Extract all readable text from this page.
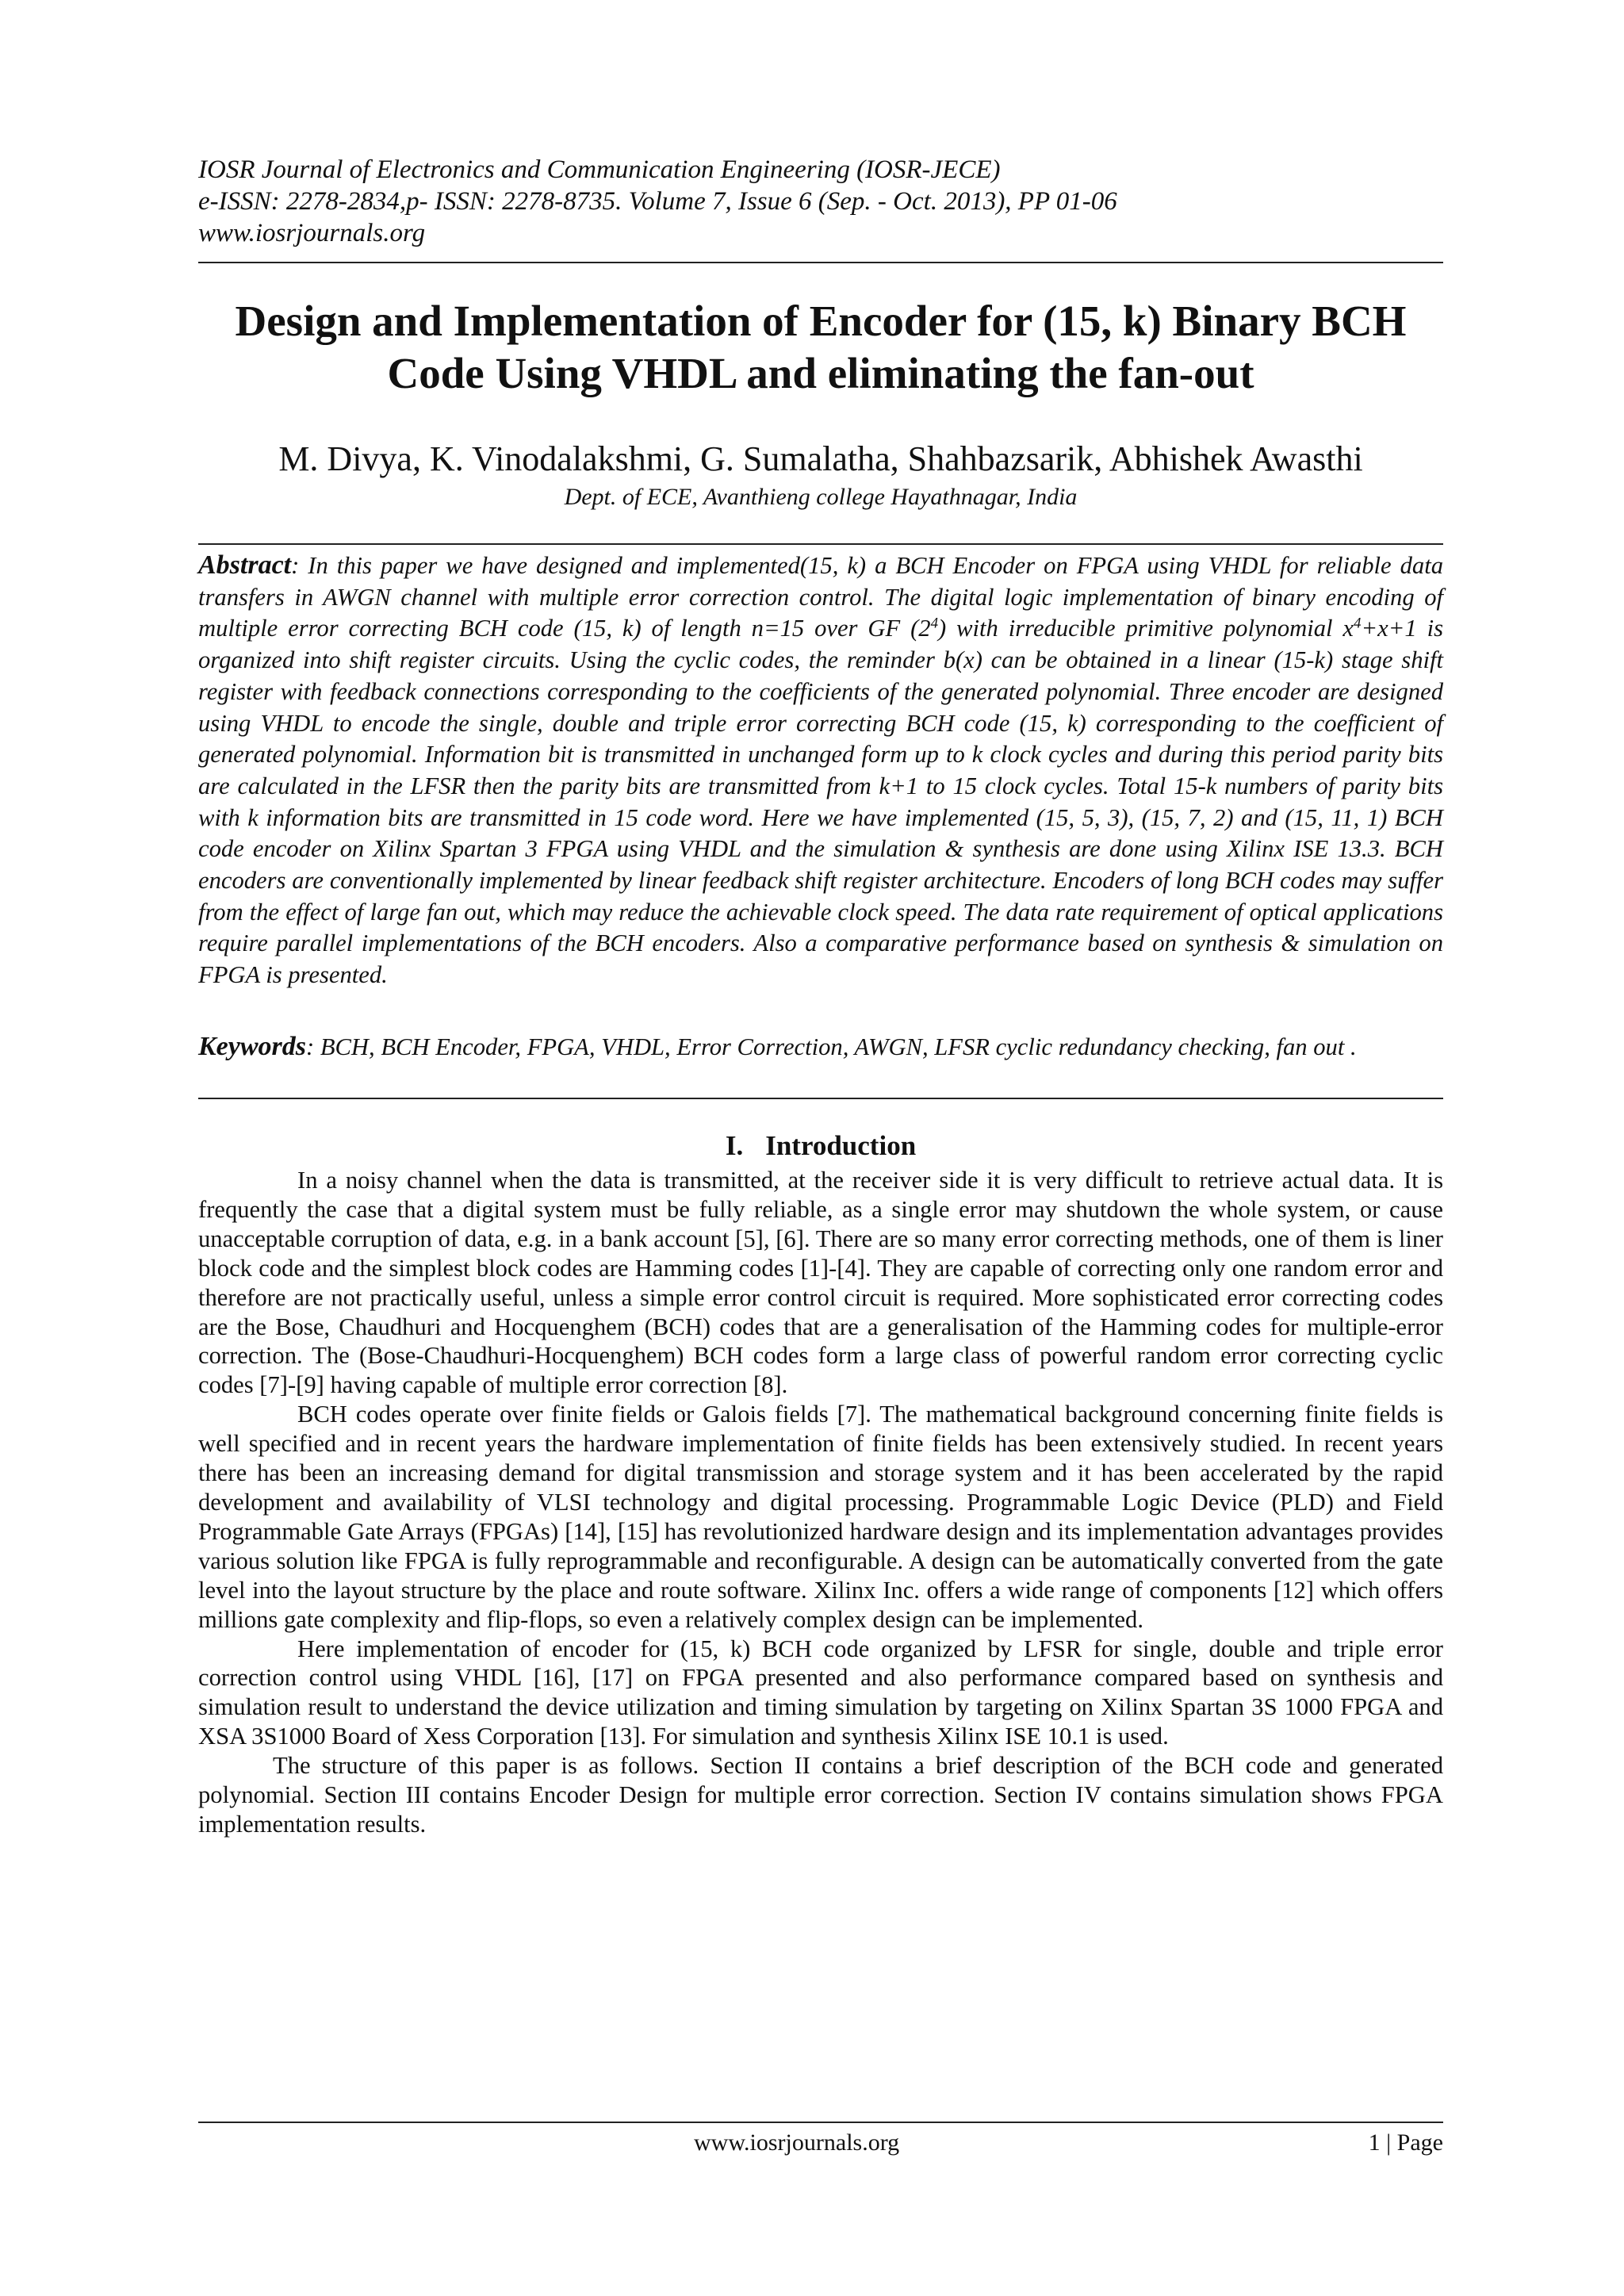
IOSR Journal of Electronics and Communication Engineering (IOSR-JECE)
e-ISSN: 2278-2834,p- ISSN: 2278-8735. Volume 7, Issue 6 (Sep. - Oct. 2013), PP 01-06
www.iosrjournals.org
Design and Implementation of Encoder for (15, k) Binary BCH
Code Using VHDL and eliminating the fan-out
M. Divya, K. Vinodalakshmi, G. Sumalatha, Shahbazsarik, Abhishek Awasthi
Dept. of ECE, Avanthieng college Hayathnagar, India

Abstract: In this paper we have designed and implemented(15, k) a BCH Encoder on FPGA using VHDL for reliable data transfers in AWGN channel with multiple error correction control. The digital logic implementation of binary encoding of multiple error correcting BCH code (15, k) of length n=15 over GF $(2^4)$ with irreducible primitive polynomial $x^4+x+1$ is organized into shift register circuits. Using the cyclic codes, the reminder b(x) can be obtained in a linear (15-k) stage shift register with feedback connections corresponding to the coefficients of the generated polynomial. Three encoder are designed using VHDL to encode the single, double and triple error correcting BCH code (15, k) corresponding to the coefficient of generated polynomial. Information bit is transmitted in unchanged form up to k clock cycles and during this period parity bits are calculated in the LFSR then the parity bits are transmitted from k+1 to 15 clock cycles. Total 15-k numbers of parity bits with k information bits are transmitted in 15 code word. Here we have implemented (15, 5, 3), (15, 7, 2) and (15, 11, 1) BCH code encoder on Xilinx Spartan 3 FPGA using VHDL and the simulation & synthesis are done using Xilinx ISE 13.3. BCH encoders are conventionally implemented by linear feedback shift register architecture. Encoders of long BCH codes may suffer from the effect of large fan out, which may reduce the achievable clock speed. The data rate requirement of optical applications require parallel implementations of the BCH encoders. Also a comparative performance based on synthesis & simulation on FPGA is presented.

Keywords: BCH, BCH Encoder, FPGA, VHDL, Error Correction, AWGN, LFSR cyclic redundancy checking, fan out .

I. Introduction

In a noisy channel when the data is transmitted, at the receiver side it is very difficult to retrieve actual data. It is frequently the case that a digital system must be fully reliable, as a single error may shutdown the whole system, or cause unacceptable corruption of data, e.g. in a bank account [5], [6]. There are so many error correcting methods, one of them is liner block code and the simplest block codes are Hamming codes [1]-[4]. They are capable of correcting only one random error and therefore are not practically useful, unless a simple error control circuit is required. More sophisticated error correcting codes are the Bose, Chaudhuri and Hocquenghem (BCH) codes that are a generalisation of the Hamming codes for multiple-error correction. The (Bose-Chaudhuri-Hocquenghem) BCH codes form a large class of powerful random error correcting cyclic codes [7]-[9] having capable of multiple error correction [8].

BCH codes operate over finite fields or Galois fields [7]. The mathematical background concerning finite fields is well specified and in recent years the hardware implementation of finite fields has been extensively studied. In recent years there has been an increasing demand for digital transmission and storage system and it has been accelerated by the rapid development and availability of VLSI technology and digital processing. Programmable Logic Device (PLD) and Field Programmable Gate Arrays (FPGAs) [14], [15] has revolutionized hardware design and its implementation advantages provides various solution like FPGA is fully reprogrammable and reconfigurable. A design can be automatically converted from the gate level into the layout structure by the place and route software. Xilinx Inc. offers a wide range of components [12] which offers millions gate complexity and flip-flops, so even a relatively complex design can be implemented.

Here implementation of encoder for (15, k) BCH code organized by LFSR for single, double and triple error correction control using VHDL [16], [17] on FPGA presented and also performance compared based on synthesis and simulation result to understand the device utilization and timing simulation by targeting on Xilinx Spartan 3S 1000 FPGA and XSA 3S1000 Board of Xess Corporation [13]. For simulation and synthesis Xilinx ISE 10.1 is used.

The structure of this paper is as follows. Section II contains a brief description of the BCH code and generated polynomial. Section III contains Encoder Design for multiple error correction. Section IV contains simulation shows FPGA implementation results.

www.iosrjournals.org	1 | Page
